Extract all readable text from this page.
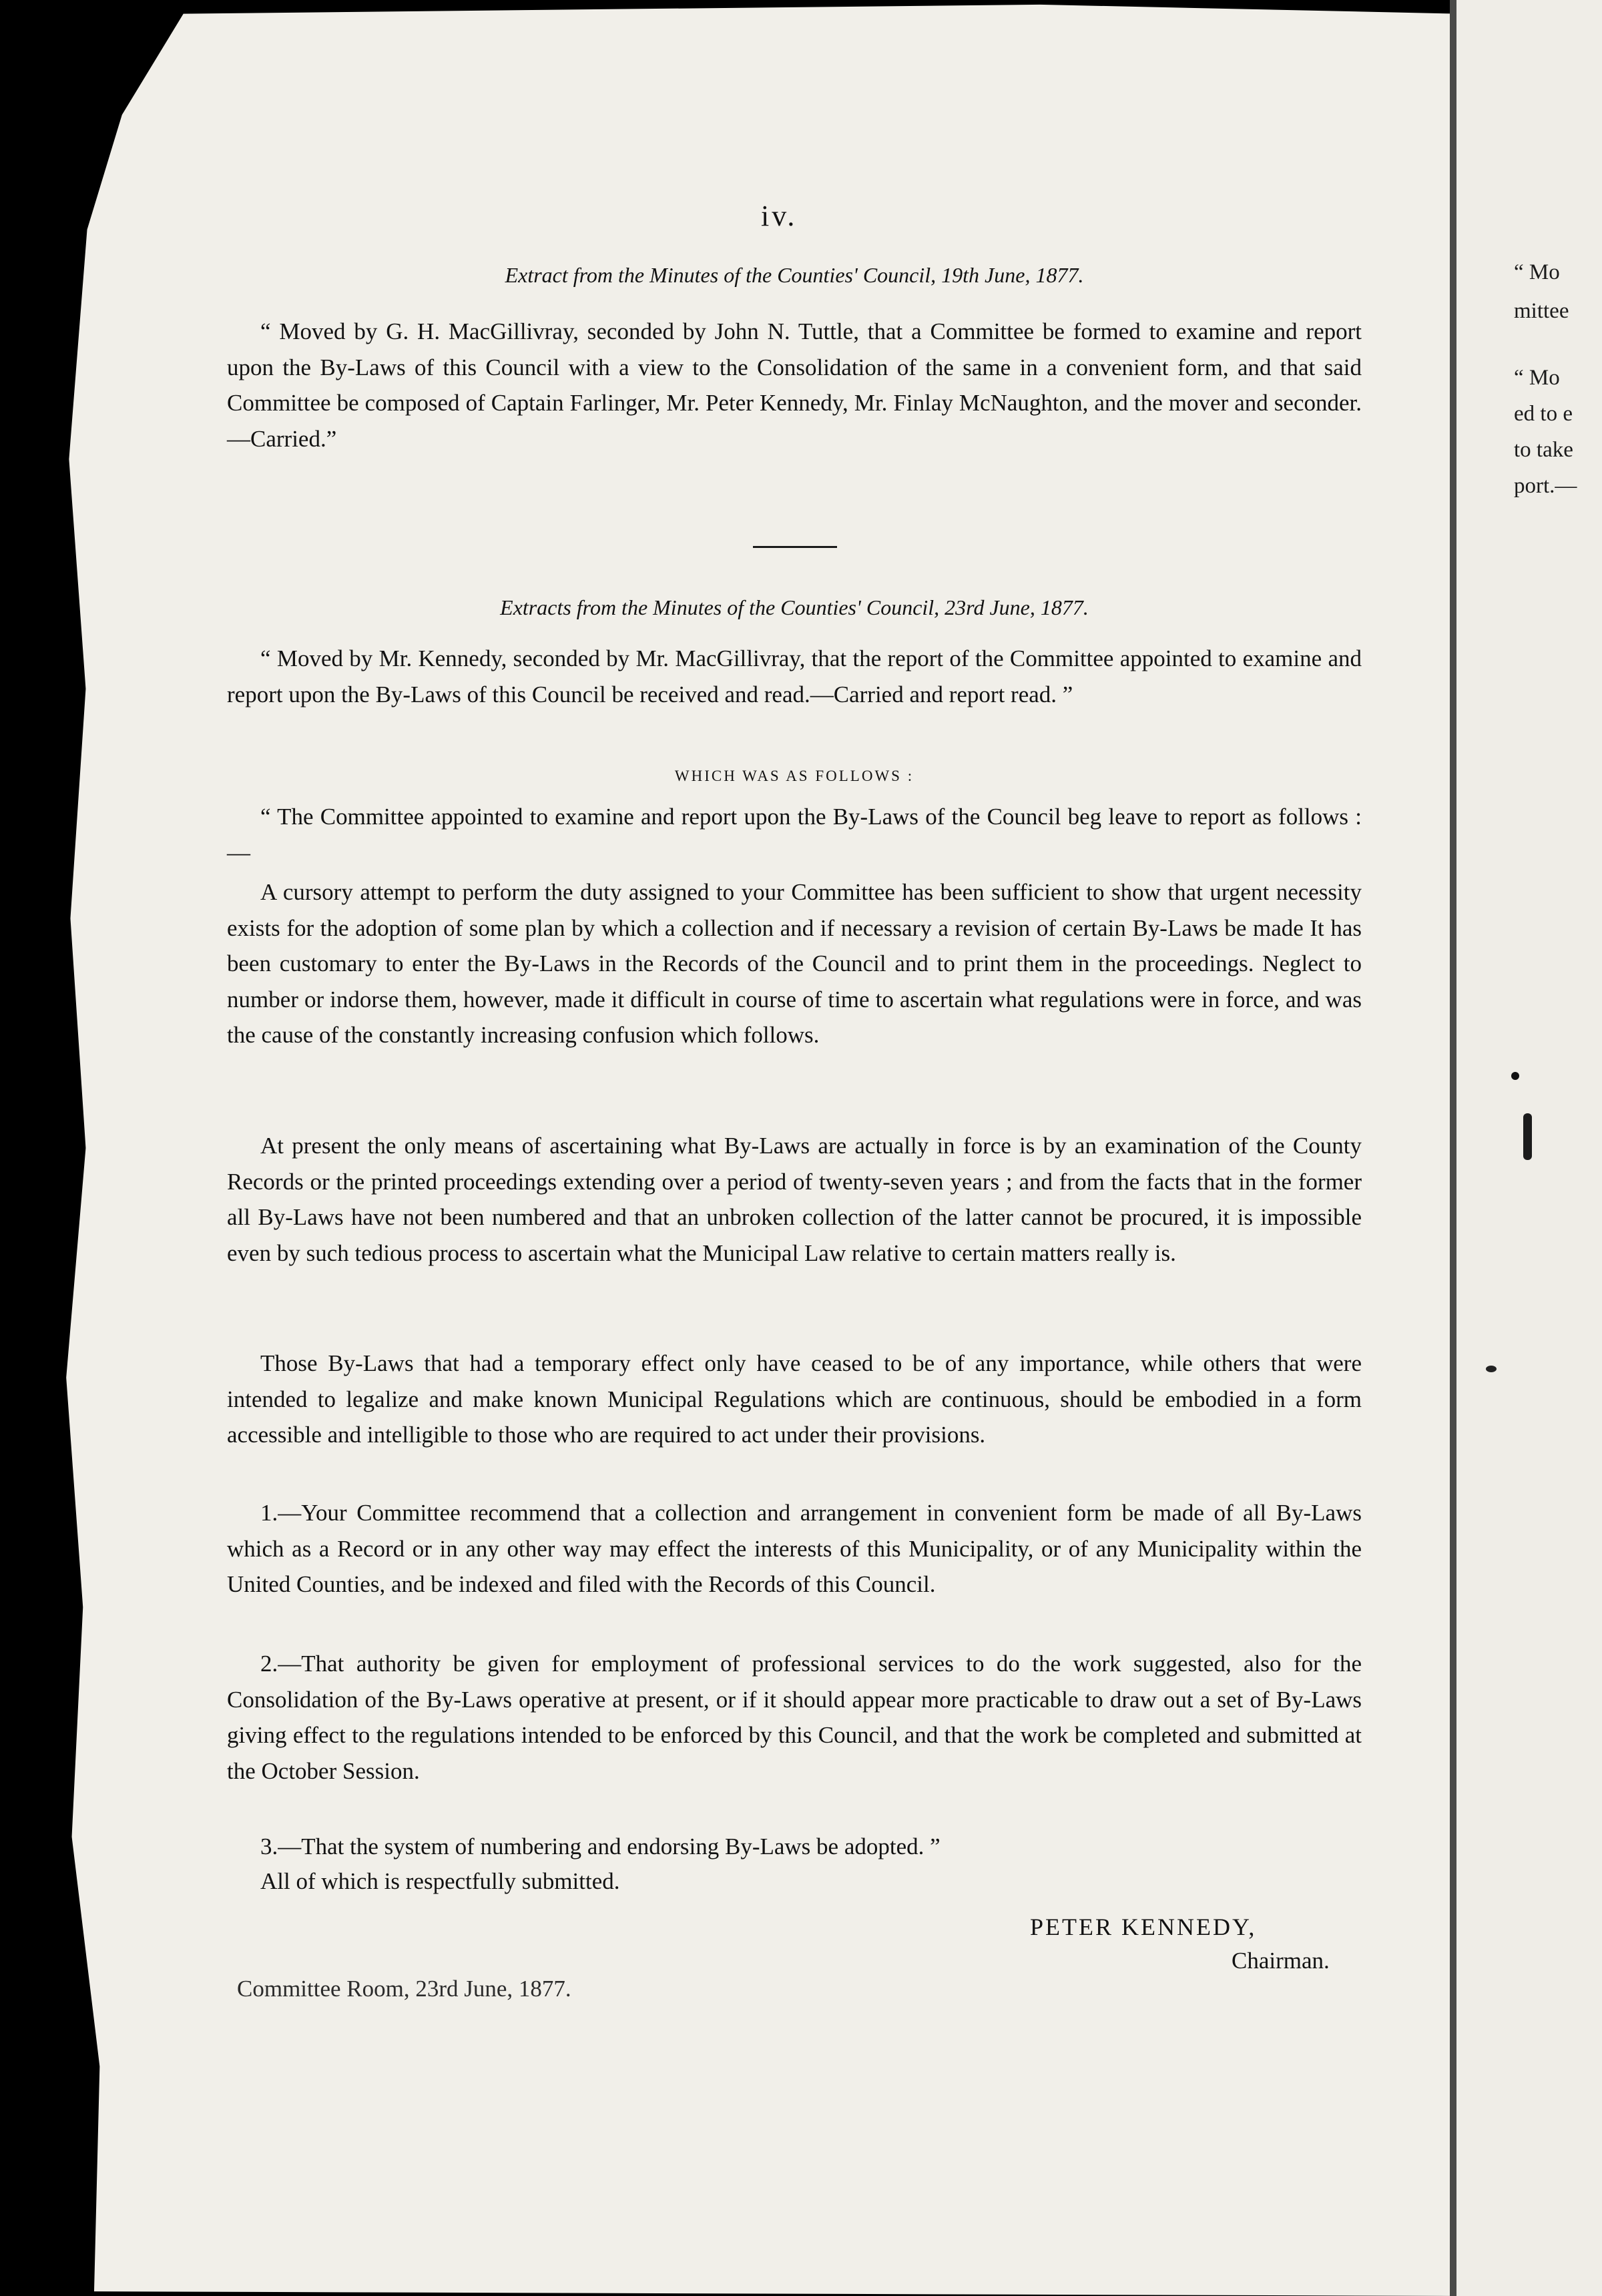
“ Mo
mittee
“ Mo
ed to e
to take
port.—
iv.
Extract from the Minutes of the Counties' Council, 19th June, 1877.

“ Moved by G. H. MacGillivray, seconded by John N. Tuttle, that a Committee be formed to examine and report upon the By-Laws of this Council with a view to the Consolidation of the same in a convenient form, and that said Committee be composed of Captain Farlinger, Mr. Peter Kennedy, Mr. Finlay McNaughton, and the mover and seconder.—Carried.”

Extracts from the Minutes of the Counties' Council, 23rd June, 1877.

“ Moved by Mr. Kennedy, seconded by Mr. MacGillivray, that the report of the Committee appointed to examine and report upon the By-Laws of this Council be received and read.—Carried and report read. ”

WHICH WAS AS FOLLOWS :

“ The Committee appointed to examine and report upon the By-Laws of the Council beg leave to report as follows :—

A cursory attempt to perform the duty assigned to your Committee has been sufficient to show that urgent necessity exists for the adoption of some plan by which a collection and if necessary a revision of certain By-Laws be made It has been customary to enter the By-Laws in the Records of the Council and to print them in the proceedings. Neglect to number or indorse them, however, made it difficult in course of time to ascertain what regulations were in force, and was the cause of the constantly increasing confusion which follows.

At present the only means of ascertaining what By-Laws are actually in force is by an examination of the County Records or the printed proceedings extending over a period of twenty-seven years ; and from the facts that in the former all By-Laws have not been numbered and that an unbroken collection of the latter cannot be procured, it is impossible even by such tedious process to ascertain what the Municipal Law relative to certain matters really is.

Those By-Laws that had a temporary effect only have ceased to be of any importance, while others that were intended to legalize and make known Municipal Regulations which are continuous, should be embodied in a form accessible and intelligible to those who are required to act under their provisions.

1.—Your Committee recommend that a collection and arrangement in convenient form be made of all By-Laws which as a Record or in any other way may effect the interests of this Municipality, or of any Municipality within the United Counties, and be indexed and filed with the Records of this Council.

2.—That authority be given for employment of professional services to do the work suggested, also for the Consolidation of the By-Laws operative at present, or if it should appear more practicable to draw out a set of By-Laws giving effect to the regulations intended to be enforced by this Council, and that the work be completed and submitted at the October Session.

3.—That the system of numbering and endorsing By-Laws be adopted. ”

All of which is respectfully submitted.

PETER KENNEDY,
Chairman.
Committee Room, 23rd June, 1877.
